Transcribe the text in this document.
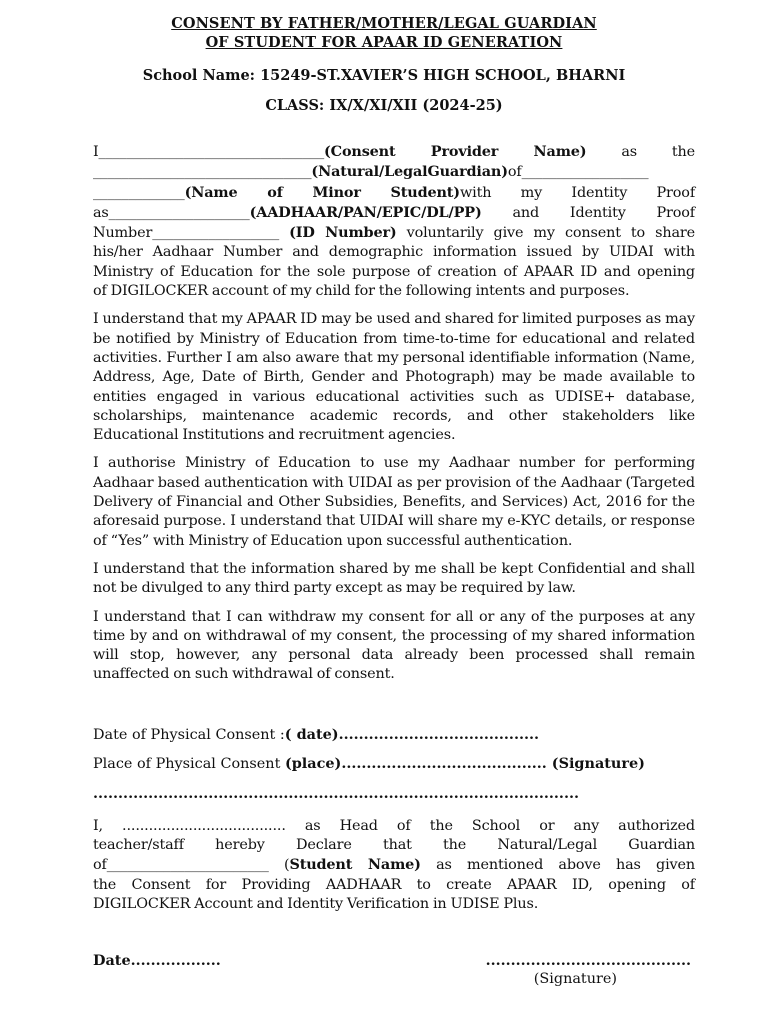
CONSENT BY FATHER/MOTHER/LEGAL GUARDIAN
OF STUDENT FOR APAAR ID GENERATION
School Name: 15249-ST.XAVIER’S HIGH SCHOOL, BHARNI
CLASS: IX/X/XI/XII (2024-25)
I________________________________(Consent Provider Name) as the
_______________________________(Natural/LegalGuardian)of__________________
_____________(Name of Minor Student)with my Identity Proof
as____________________(AADHAAR/PAN/EPIC/DL/PP) and Identity Proof
Number__________________ (ID Number) voluntarily give my consent to share
his/her Aadhaar Number and demographic information issued by UIDAI with
Ministry of Education for the sole purpose of creation of APAAR ID and opening
of DIGILOCKER account of my child for the following intents and purposes.

I understand that my APAAR ID may be used and shared for limited purposes as may be notified by Ministry of Education from time-to-time for educational and related activities. Further I am also aware that my personal identifiable information (Name, Address, Age, Date of Birth, Gender and Photograph) may be made available to entities engaged in various educational activities such as UDISE+ database, scholarships, maintenance academic records, and other stakeholders like Educational Institutions and recruitment agencies.

I authorise Ministry of Education to use my Aadhaar number for performing Aadhaar based authentication with UIDAI as per provision of the Aadhaar (Targeted Delivery of Financial and Other Subsidies, Benefits, and Services) Act, 2016 for the aforesaid purpose. I understand that UIDAI will share my e-KYC details, or response of “Yes” with Ministry of Education upon successful authentication.

I understand that the information shared by me shall be kept Confidential and shall not be divulged to any third party except as may be required by law.

I understand that I can withdraw my consent for all or any of the purposes at any time by and on withdrawal of my consent, the processing of my shared information will stop, however, any personal data already been processed shall remain unaffected on such withdrawal of consent.

Date of Physical Consent :( date)........................................
Place of Physical Consent (place)......................................... (Signature)
.................................................................................................
I, ..................................... as Head of the School or any authorized
teacher/staff hereby Declare that the Natural/Legal Guardian
of_______________________ (Student Name) as mentioned above has given
the Consent for Providing AADHAAR to create APAAR ID, opening of
DIGILOCKER Account and Identity Verification in UDISE Plus.
Date..................	.........................................
(Signature)
